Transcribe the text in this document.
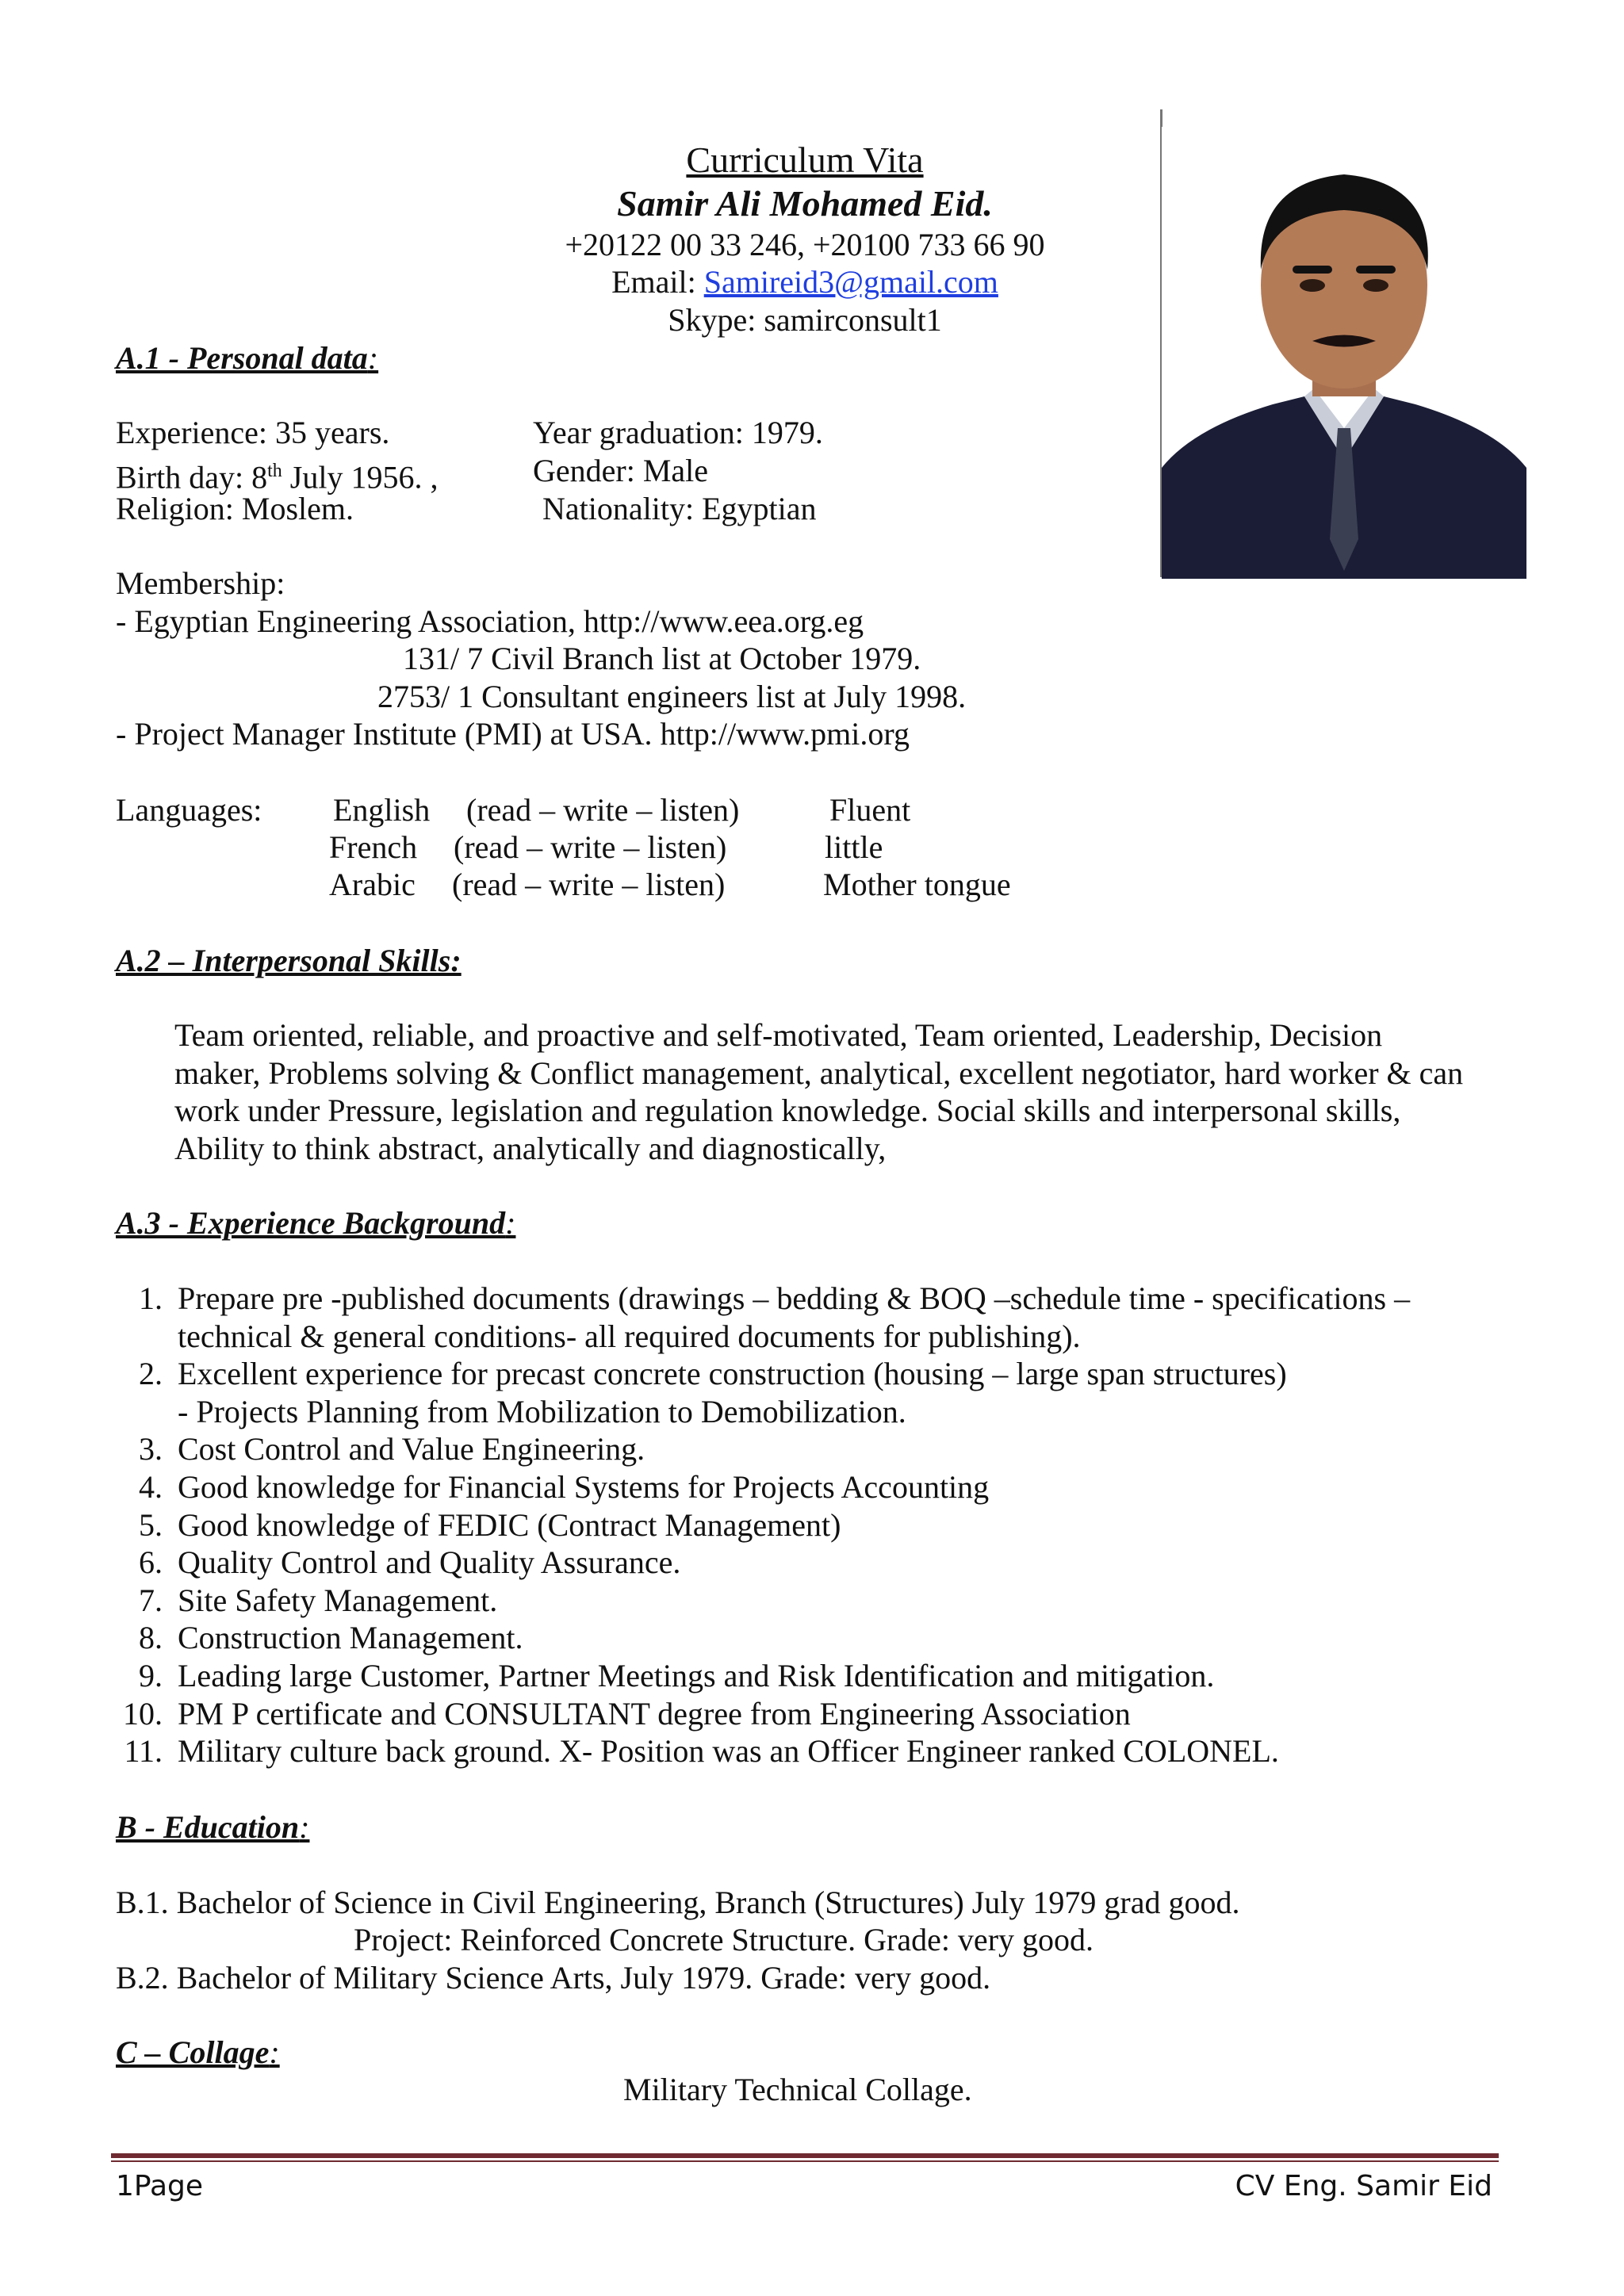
Curriculum Vita
Samir Ali Mohamed Eid.
+20122 00 33 246, +20100 733 66 90
Email: Samireid3@gmail.com
Skype: samirconsult1
A.1 - Personal data:
Experience: 35 years.	Year graduation: 1979.
Birth day: 8th July 1956. ,	Gender: Male
Religion: Moslem.	Nationality: Egyptian
Membership:
- Egyptian Engineering Association, http://www.eea.org.eg
131/ 7 Civil Branch list at October 1979.
2753/ 1 Consultant engineers list at July 1998.
- Project Manager Institute (PMI) at USA. http://www.pmi.org
Languages: English (read – write – listen)	Fluent
French (read – write – listen)	little
Arabic (read – write – listen)	Mother tongue
A.2 – Interpersonal Skills:
Team oriented, reliable, and proactive and self-motivated, Team oriented, Leadership, Decision maker, Problems solving & Conflict management, analytical, excellent negotiator, hard worker & can work under Pressure, legislation and regulation knowledge. Social skills and interpersonal skills, Ability to think abstract, analytically and diagnostically,
A.3 - Experience Background:
1. Prepare pre -published documents (drawings – bedding & BOQ –schedule time - specifications –
technical & general conditions- all required documents for publishing).
2. Excellent experience for precast concrete construction (housing – large span structures)
- Projects Planning from Mobilization to Demobilization.
3. Cost Control and Value Engineering.
4. Good knowledge for Financial Systems for Projects Accounting
5. Good knowledge of FEDIC (Contract Management)
6. Quality Control and Quality Assurance.
7. Site Safety Management.
8. Construction Management.
9. Leading large Customer, Partner Meetings and Risk Identification and mitigation.
10. PM P certificate and CONSULTANT degree from Engineering Association
11. Military culture back ground. X- Position was an Officer Engineer ranked COLONEL.
B - Education:
B.1. Bachelor of Science in Civil Engineering, Branch (Structures) July 1979 grad good.
Project: Reinforced Concrete Structure. Grade: very good.
B.2. Bachelor of Military Science Arts, July 1979. Grade: very good.
C – Collage:
Military Technical Collage.
1Page	CV Eng. Samir Eid
